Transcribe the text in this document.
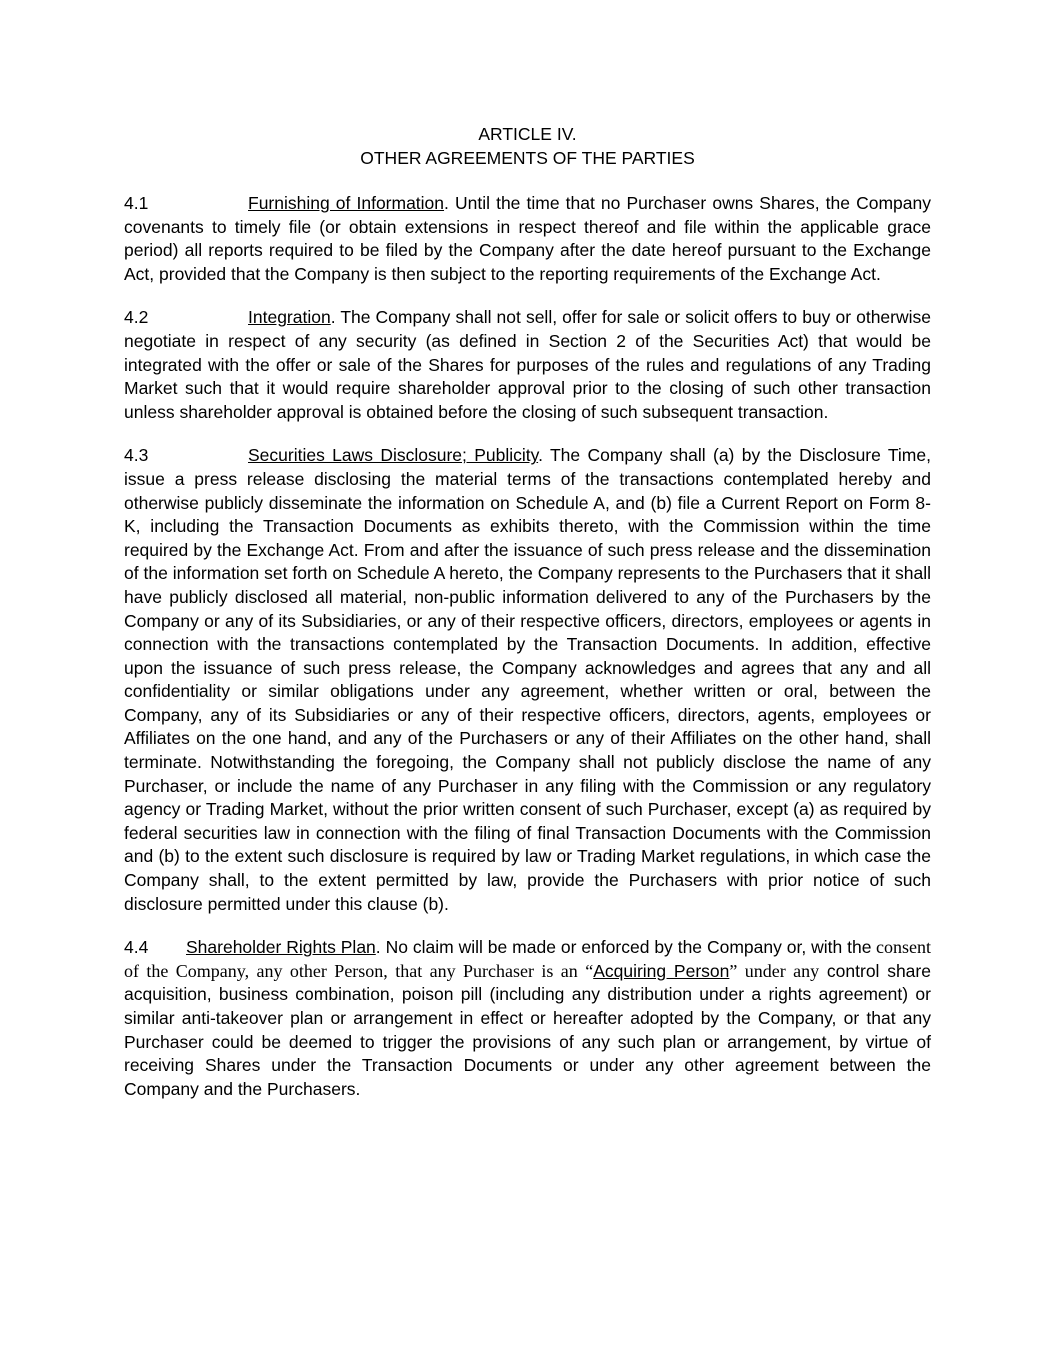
ARTICLE IV.
OTHER AGREEMENTS OF THE PARTIES

4.1	Furnishing of Information. Until the time that no Purchaser owns Shares, the Company covenants to timely file (or obtain extensions in respect thereof and file within the applicable grace period) all reports required to be filed by the Company after the date hereof pursuant to the Exchange Act, provided that the Company is then subject to the reporting requirements of the Exchange Act.

4.2	Integration. The Company shall not sell, offer for sale or solicit offers to buy or otherwise negotiate in respect of any security (as defined in Section 2 of the Securities Act) that would be integrated with the offer or sale of the Shares for purposes of the rules and regulations of any Trading Market such that it would require shareholder approval prior to the closing of such other transaction unless shareholder approval is obtained before the closing of such subsequent transaction.

4.3	Securities Laws Disclosure; Publicity. The Company shall (a) by the Disclosure Time, issue a press release disclosing the material terms of the transactions contemplated hereby and otherwise publicly disseminate the information on Schedule A, and (b) file a Current Report on Form 8-K, including the Transaction Documents as exhibits thereto, with the Commission within the time required by the Exchange Act. From and after the issuance of such press release and the dissemination of the information set forth on Schedule A hereto, the Company represents to the Purchasers that it shall have publicly disclosed all material, non-public information delivered to any of the Purchasers by the Company or any of its Subsidiaries, or any of their respective officers, directors, employees or agents in connection with the transactions contemplated by the Transaction Documents. In addition, effective upon the issuance of such press release, the Company acknowledges and agrees that any and all confidentiality or similar obligations under any agreement, whether written or oral, between the Company, any of its Subsidiaries or any of their respective officers, directors, agents, employees or Affiliates on the one hand, and any of the Purchasers or any of their Affiliates on the other hand, shall terminate. Notwithstanding the foregoing, the Company shall not publicly disclose the name of any Purchaser, or include the name of any Purchaser in any filing with the Commission or any regulatory agency or Trading Market, without the prior written consent of such Purchaser, except (a) as required by federal securities law in connection with the filing of final Transaction Documents with the Commission and (b) to the extent such disclosure is required by law or Trading Market regulations, in which case the Company shall, to the extent permitted by law, provide the Purchasers with prior notice of such disclosure permitted under this clause (b).

4.4 Shareholder Rights Plan. No claim will be made or enforced by the Company or, with the consent of the Company, any other Person, that any Purchaser is an “Acquiring Person” under any control share acquisition, business combination, poison pill (including any distribution under a rights agreement) or similar anti-takeover plan or arrangement in effect or hereafter adopted by the Company, or that any Purchaser could be deemed to trigger the provisions of any such plan or arrangement, by virtue of receiving Shares under the Transaction Documents or under any other agreement between the Company and the Purchasers.
